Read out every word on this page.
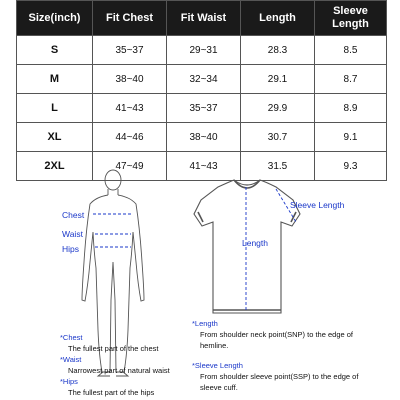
Size(inch)	Fit Chest	Fit Waist	Length	Sleeve Length
S	35~37	29~31	28.3	8.5
M	38~40	32~34	29.1	8.7
L	41~43	35~37	29.9	8.9
XL	44~46	38~40	30.7	9.1
2XL	47~49	41~43	31.5	9.3
Chest
Waist
Hips
Sleeve Length
Length
*Chest
The fullest part of the chest
*Waist
Narrowest part of natural waist
*Hips
The fullest part of the hips
*Length
From shoulder neck point(SNP) to the edge of hemline.
*Sleeve Length
From shoulder sleeve point(SSP) to the edge of sleeve cuff.
